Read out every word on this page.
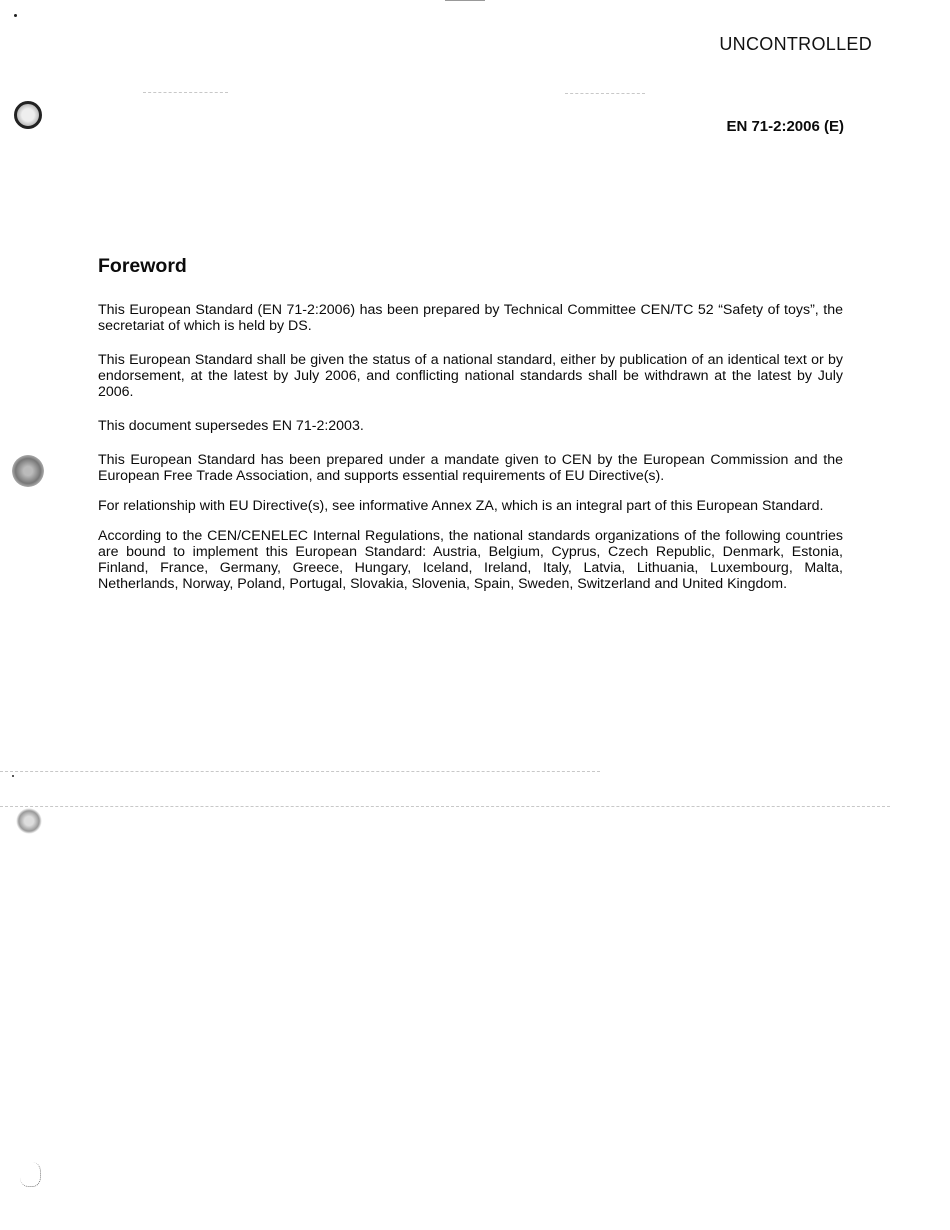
UNCONTROLLED
EN 71-2:2006 (E)
Foreword

This European Standard (EN 71-2:2006) has been prepared by Technical Committee CEN/TC 52 “Safety of toys”, the secretariat of which is held by DS.

This European Standard shall be given the status of a national standard, either by publication of an identical text or by endorsement, at the latest by July 2006, and conflicting national standards shall be withdrawn at the latest by July 2006.

This document supersedes EN 71-2:2003.

This European Standard has been prepared under a mandate given to CEN by the European Commission and the European Free Trade Association, and supports essential requirements of EU Directive(s).

For relationship with EU Directive(s), see informative Annex ZA, which is an integral part of this European Standard.

According to the CEN/CENELEC Internal Regulations, the national standards organizations of the following countries are bound to implement this European Standard: Austria, Belgium, Cyprus, Czech Republic, Denmark, Estonia, Finland, France, Germany, Greece, Hungary, Iceland, Ireland, Italy, Latvia, Lithuania, Luxembourg, Malta, Netherlands, Norway, Poland, Portugal, Slovakia, Slovenia, Spain, Sweden, Switzerland and United Kingdom.
